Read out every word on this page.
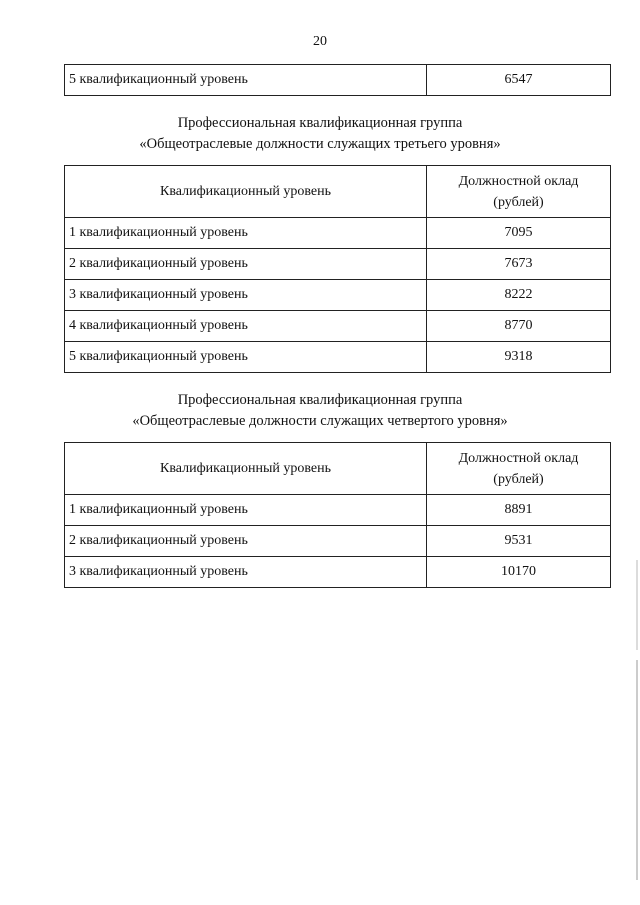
20
5 квалификационный уровень	6547
Профессиональная квалификационная группа
«Общеотраслевые должности служащих третьего уровня»
Квалификационный уровень	Должностной оклад
(рублей)

1 квалификационный уровень	7095
2 квалификационный уровень	7673
3 квалификационный уровень	8222
4 квалификационный уровень	8770
5 квалификационный уровень	9318
Профессиональная квалификационная группа
«Общеотраслевые должности служащих четвертого уровня»
Квалификационный уровень	Должностной оклад
(рублей)

1 квалификационный уровень	8891
2 квалификационный уровень	9531
3 квалификационный уровень	10170
